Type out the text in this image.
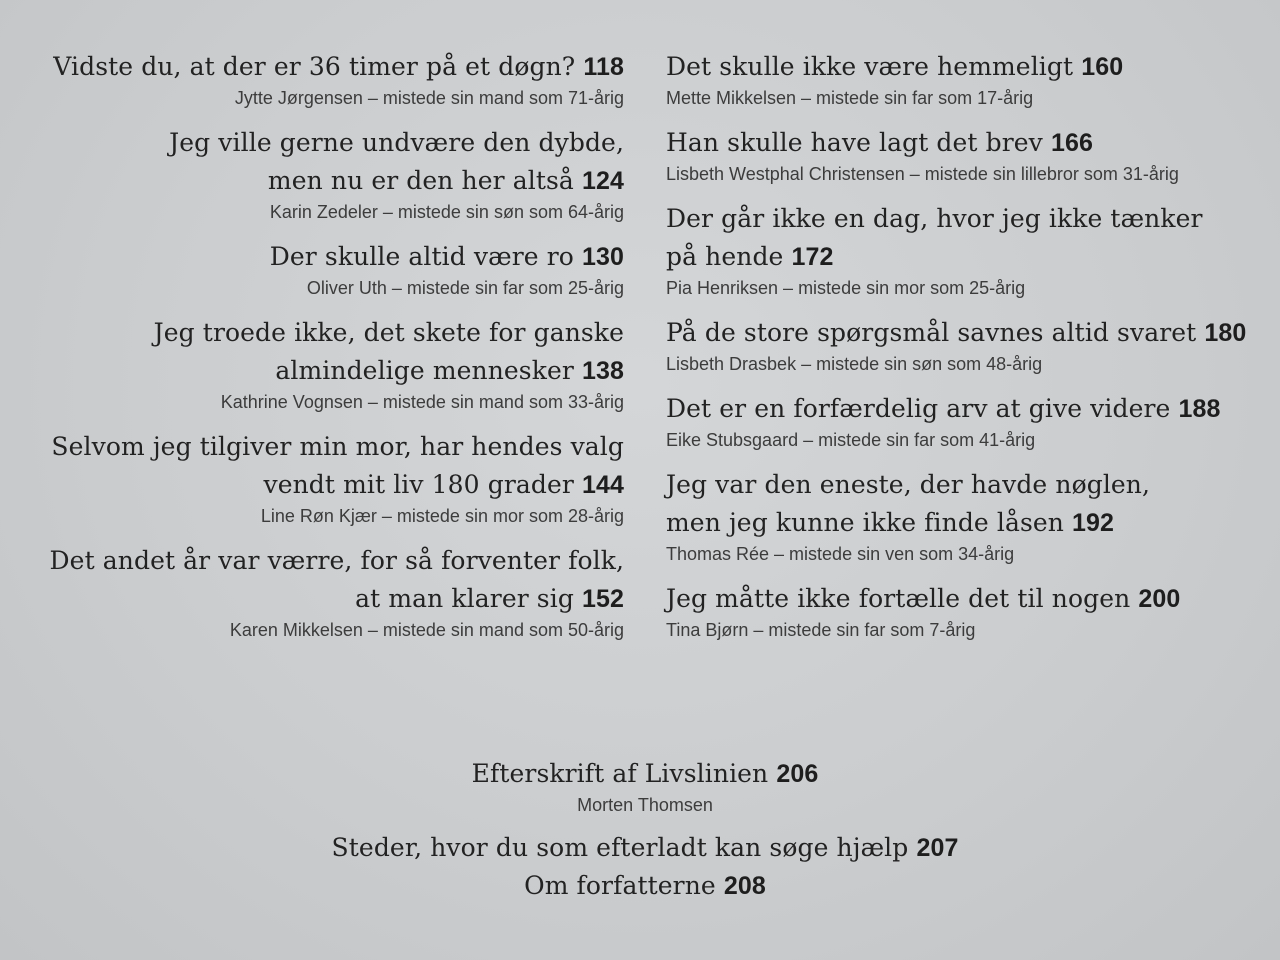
Vidste du, at der er 36 timer på et døgn? 118
Jytte Jørgensen – mistede sin mand som 71-årig
Jeg ville gerne undvære den dybde,
men nu er den her altså 124
Karin Zedeler – mistede sin søn som 64-årig
Der skulle altid være ro 130
Oliver Uth – mistede sin far som 25-årig
Jeg troede ikke, det skete for ganske
almindelige mennesker 138
Kathrine Vognsen – mistede sin mand som 33-årig
Selvom jeg tilgiver min mor, har hendes valg
vendt mit liv 180 grader 144
Line Røn Kjær – mistede sin mor som 28-årig
Det andet år var værre, for så forventer folk,
at man klarer sig 152
Karen Mikkelsen – mistede sin mand som 50-årig
Det skulle ikke være hemmeligt 160
Mette Mikkelsen – mistede sin far som 17-årig
Han skulle have lagt det brev 166
Lisbeth Westphal Christensen – mistede sin lillebror som 31-årig
Der går ikke en dag, hvor jeg ikke tænker
på hende 172
Pia Henriksen – mistede sin mor som 25-årig
På de store spørgsmål savnes altid svaret 180
Lisbeth Drasbek – mistede sin søn som 48-årig
Det er en forfærdelig arv at give videre 188
Eike Stubsgaard – mistede sin far som 41-årig
Jeg var den eneste, der havde nøglen,
men jeg kunne ikke finde låsen 192
Thomas Rée – mistede sin ven som 34-årig
Jeg måtte ikke fortælle det til nogen 200
Tina Bjørn – mistede sin far som 7-årig
Efterskrift af Livslinien 206
Morten Thomsen
Steder, hvor du som efterladt kan søge hjælp 207
Om forfatterne 208
